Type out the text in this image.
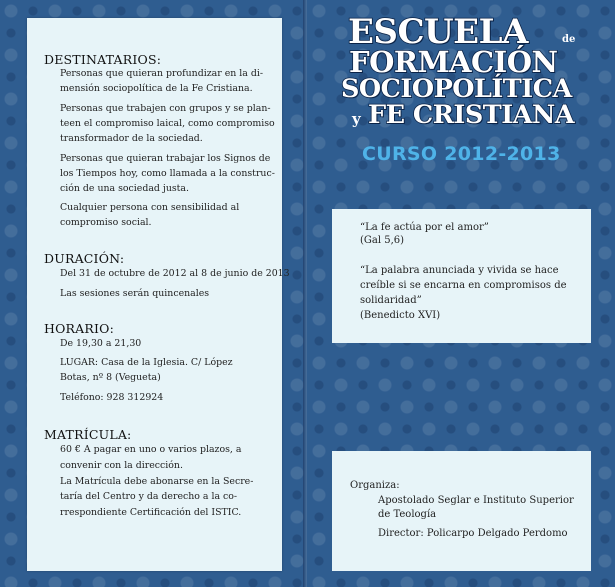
DESTINATARIOS:
Personas que quieran profundizar en la di-
mensión sociopolítica de la Fe Cristiana.
Personas que trabajen con grupos y se plan-
teen el compromiso laical, como compromiso
transformador de la sociedad.
Personas que quieran trabajar los Signos de
los Tiempos hoy, como llamada a la construc-
ción de una sociedad justa.
Cualquier persona con sensibilidad al
compromiso social.
DURACIÓN:
Del 31 de octubre de 2012 al 8 de junio de 2013
Las sesiones serán quincenales
HORARIO:
De 19,30 a 21,30
LUGAR: Casa de la Iglesia. C/ López
Botas, nº 8 (Vegueta)
Teléfono: 928 312924
MATRÍCULA:
60 € A pagar en uno o varios plazos, a
convenir con la dirección.
La Matrícula debe abonarse en la Secre-
taría del Centro y da derecho a la co-
rrespondiente Certificación del ISTIC.
ESCUELA	de
FORMACIÓN
SOCIOPOLÍTICA
y FE CRISTIANA
CURSO 2012-2013
“La fe actúa por el amor”
(Gal 5,6)
“La palabra anunciada y vivida se hace
creíble si se encarna en compromisos de
solidaridad”
(Benedicto XVI)
Organiza:
Apostolado Seglar e Instituto Superior
de Teología
Director: Policarpo Delgado Perdomo
